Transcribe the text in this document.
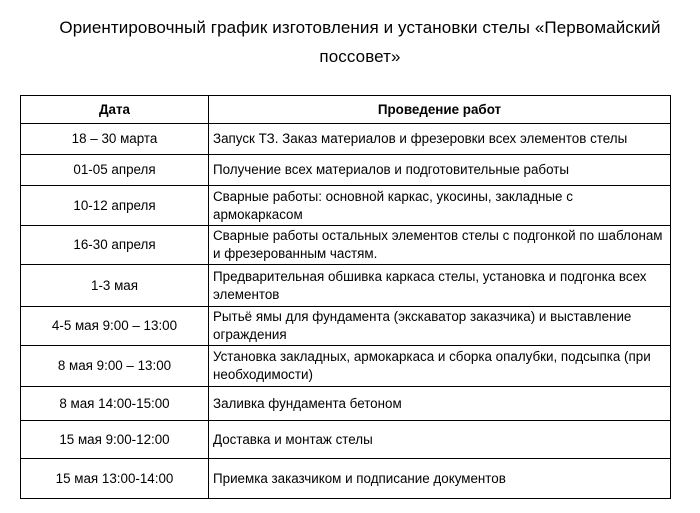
Ориентировочный график изготовления и установки стелы «Первомайский поссовет»
Дата	Проведение работ
18 – 30 марта	Запуск ТЗ. Заказ материалов и фрезеровки всех элементов стелы
01-05 апреля	Получение всех материалов и подготовительные работы
10-12 апреля	Сварные работы: основной каркас, укосины, закладные с армокаркасом
16-30 апреля	Сварные работы остальных элементов стелы с подгонкой по шаблонам и фрезерованным частям.
1-3 мая	Предварительная обшивка каркаса стелы, установка и подгонка всех элементов
4-5 мая 9:00 – 13:00	Рытьё ямы для фундамента (экскаватор заказчика) и выставление ограждения
8 мая 9:00 – 13:00	Установка закладных, армокаркаса и сборка опалубки, подсыпка (при необходимости)
8 мая 14:00-15:00	Заливка фундамента бетоном
15 мая 9:00-12:00	Доставка и монтаж стелы
15 мая 13:00-14:00	Приемка заказчиком и подписание документов
